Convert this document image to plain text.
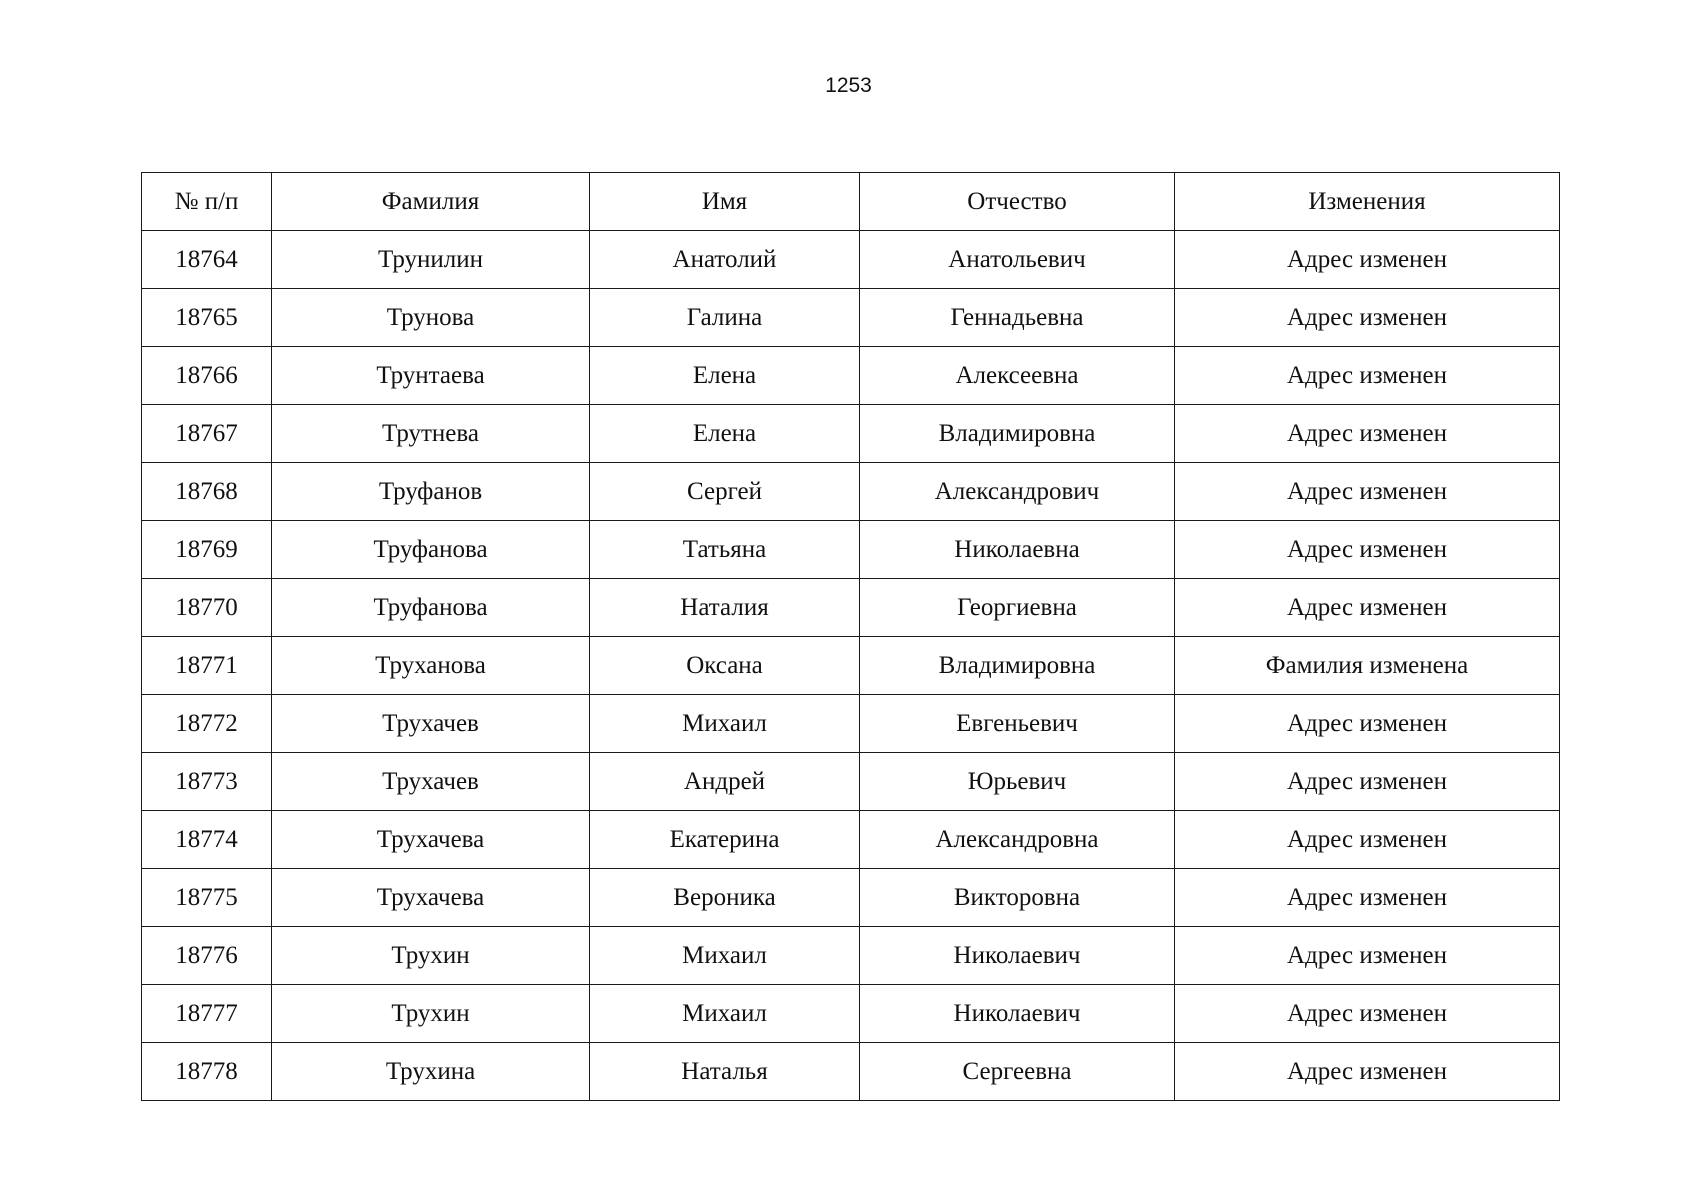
1253
№ п/п	Фамилия	Имя	Отчество	Изменения
18764	Трунилин	Анатолий	Анатольевич	Адрес изменен
18765	Трунова	Галина	Геннадьевна	Адрес изменен
18766	Трунтаева	Елена	Алексеевна	Адрес изменен
18767	Трутнева	Елена	Владимировна	Адрес изменен
18768	Труфанов	Сергей	Александрович	Адрес изменен
18769	Труфанова	Татьяна	Николаевна	Адрес изменен
18770	Труфанова	Наталия	Георгиевна	Адрес изменен
18771	Труханова	Оксана	Владимировна	Фамилия изменена
18772	Трухачев	Михаил	Евгеньевич	Адрес изменен
18773	Трухачев	Андрей	Юрьевич	Адрес изменен
18774	Трухачева	Екатерина	Александровна	Адрес изменен
18775	Трухачева	Вероника	Викторовна	Адрес изменен
18776	Трухин	Михаил	Николаевич	Адрес изменен
18777	Трухин	Михаил	Николаевич	Адрес изменен
18778	Трухина	Наталья	Сергеевна	Адрес изменен
